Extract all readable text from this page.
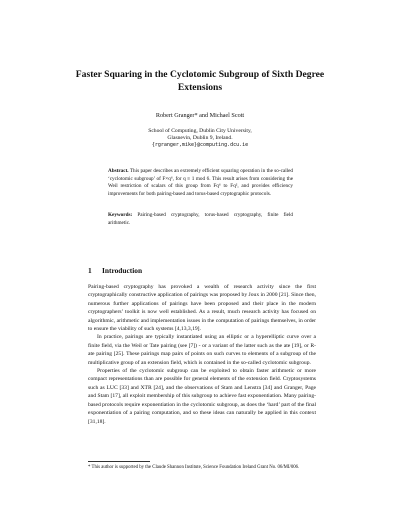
Faster Squaring in the Cyclotomic Subgroup of Sixth Degree Extensions
Robert Granger* and Michael Scott
School of Computing, Dublin City University,
Glasnevin, Dublin 9, Ireland.
{rgranger,mike}@computing.dcu.ie
Abstract. This paper describes an extremely efficient squaring operation in the so-called ‘cyclotomic subgroup’ of F×q⁶, for q ≡ 1 mod 6. This result arises from considering the Weil restriction of scalars of this group from Fq⁶ to Fq², and provides efficiency improvements for both pairing-based and torus-based cryptographic protocols.
Keywords: Pairing-based cryptography, torus-based cryptography, finite field arithmetic.
1 Introduction

Pairing-based cryptography has provoked a wealth of research activity since the first cryptographically constructive application of pairings was proposed by Joux in 2000 [21]. Since then, numerous further applications of pairings have been proposed and their place in the modern cryptographers’ toolkit is now well established. As a result, much research activity has focused on algorithmic, arithmetic and implementation issues in the computation of pairings themselves, in order to ensure the viability of such systems [4,13,3,19].

In practice, pairings are typically instantiated using an elliptic or a hyperelliptic curve over a finite field, via the Weil or Tate pairing (see [7]) - or a variant of the latter such as the ate [19], or R-ate pairing [25]. These pairings map pairs of points on such curves to elements of a subgroup of the multiplicative group of an extension field, which is contained in the so-called cyclotomic subgroup.

Properties of the cyclotomic subgroup can be exploited to obtain faster arithmetic or more compact representations than are possible for general elements of the extension field. Cryptosystems such as LUC [33] and XTR [24], and the observations of Stam and Lenstra [34] and Granger, Page and Stam [17], all exploit membership of this subgroup to achieve fast exponentiation. Many pairing-based protocols require exponentiation in the cyclotomic subgroup, as does the ‘hard’ part of the final exponentiation of a pairing computation, and so these ideas can naturally be applied in this context [31,18].

* This author is supported by the Claude Shannon Institute, Science Foundation Ireland Grant No. 06/MI/006.
